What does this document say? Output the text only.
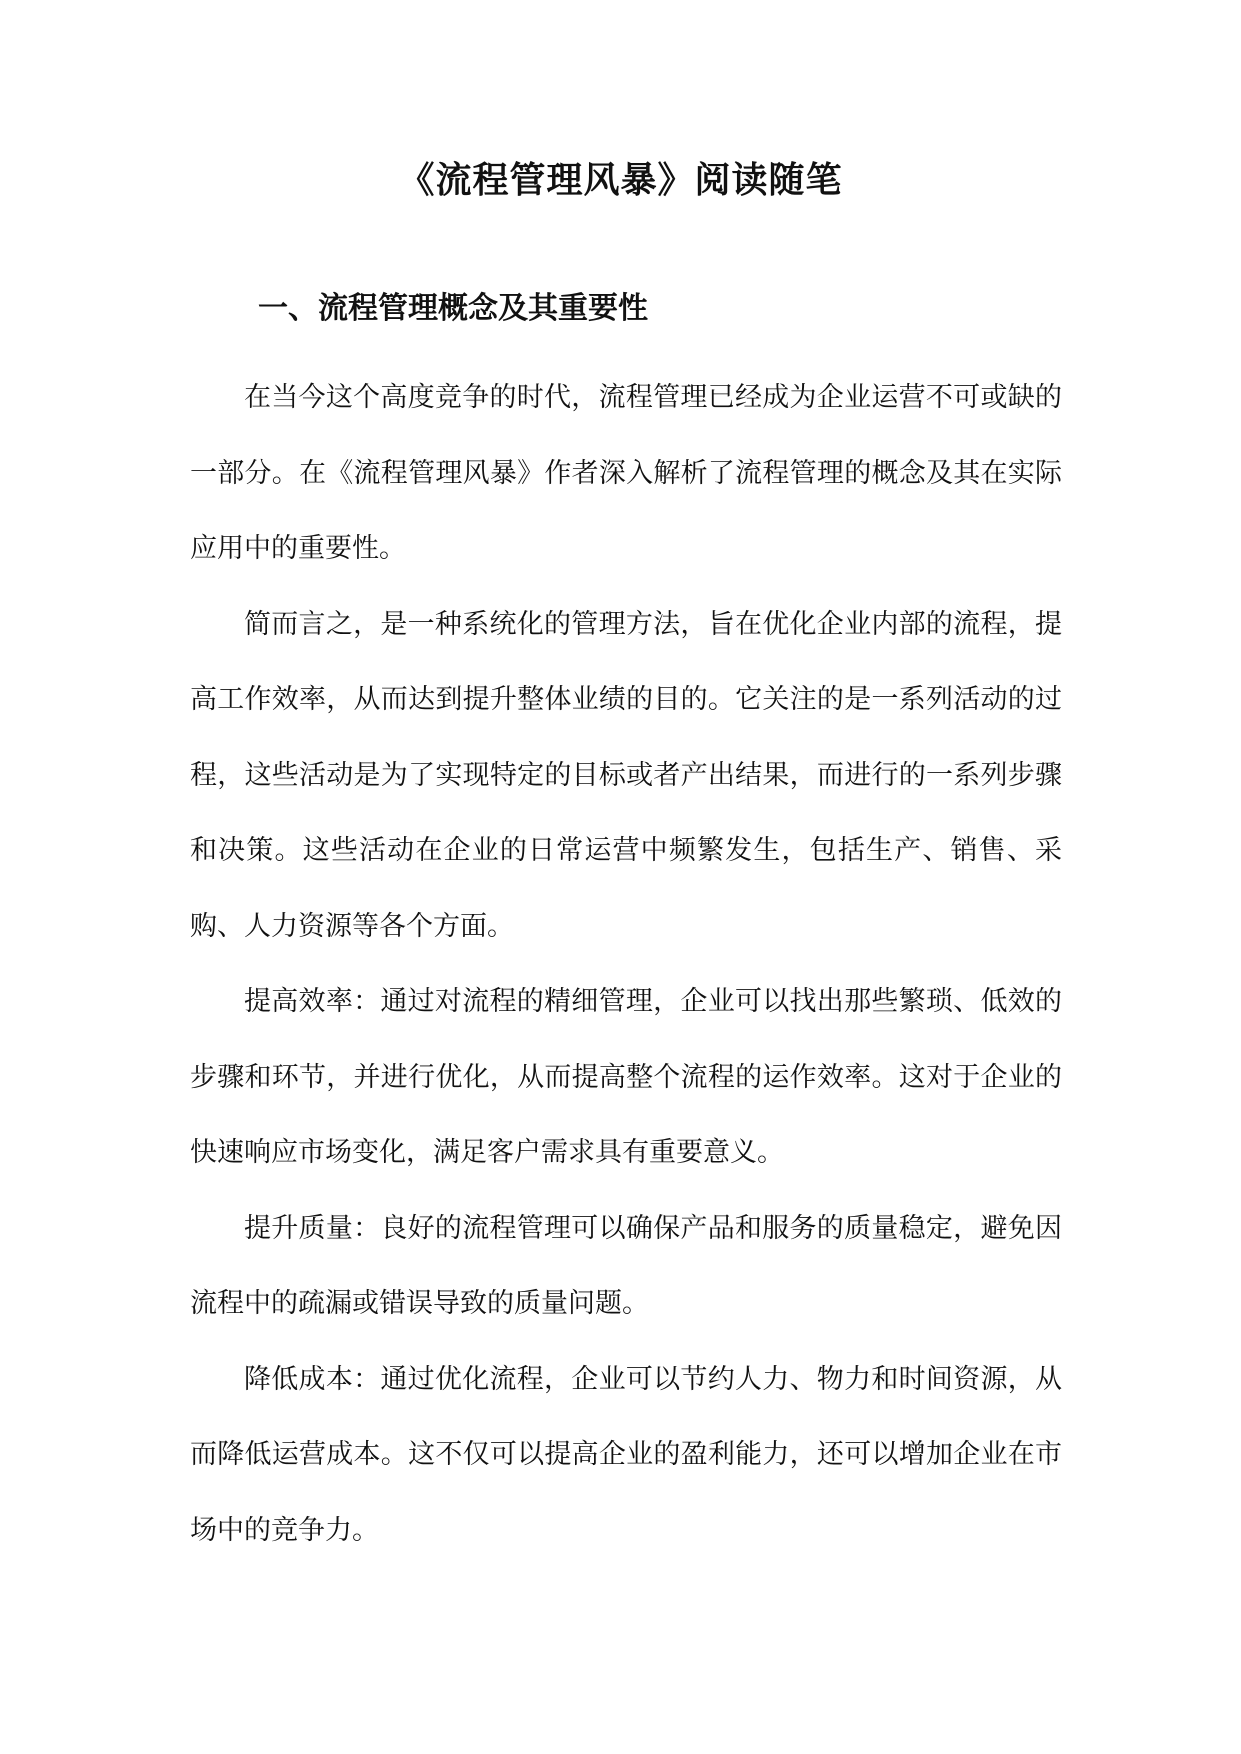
《流程管理风暴》阅读随笔
一、流程管理概念及其重要性

在当今这个高度竞争的时代，流程管理已经成为企业运营不可或缺的一部分。在《流程管理风暴》作者深入解析了流程管理的概念及其在实际应用中的重要性。

简而言之，是一种系统化的管理方法，旨在优化企业内部的流程，提高工作效率，从而达到提升整体业绩的目的。它关注的是一系列活动的过程，这些活动是为了实现特定的目标或者产出结果，而进行的一系列步骤和决策。这些活动在企业的日常运营中频繁发生，包括生产、销售、采购、人力资源等各个方面。

提高效率：通过对流程的精细管理，企业可以找出那些繁琐、低效的步骤和环节，并进行优化，从而提高整个流程的运作效率。这对于企业的快速响应市场变化，满足客户需求具有重要意义。

提升质量：良好的流程管理可以确保产品和服务的质量稳定，避免因流程中的疏漏或错误导致的质量问题。

降低成本：通过优化流程，企业可以节约人力、物力和时间资源，从而降低运营成本。这不仅可以提高企业的盈利能力，还可以增加企业在市场中的竞争力。
